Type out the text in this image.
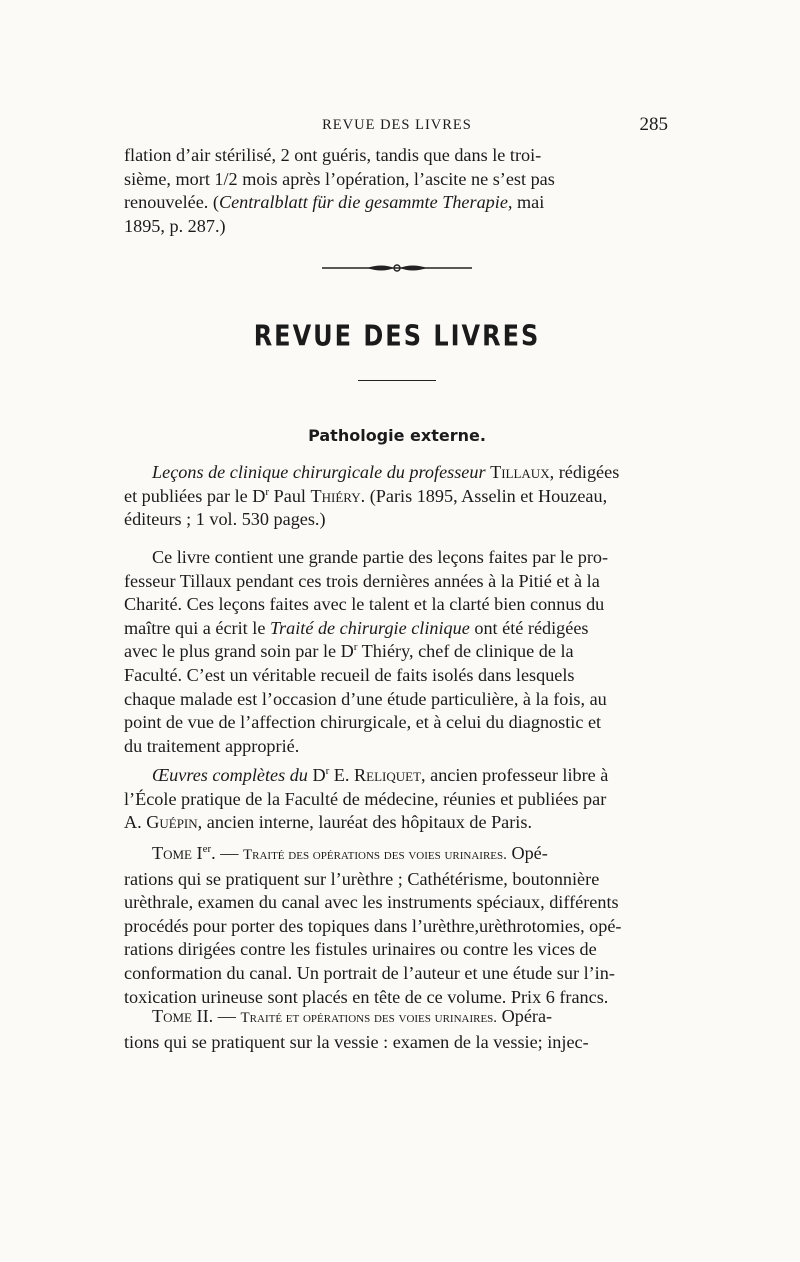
REVUE DES LIVRES	285

flation d’air stérilisé, 2 ont guéris, tandis que dans le troi-

sième, mort 1/2 mois après l’opération, l’ascite ne s’est pas

renouvelée. (Centralblatt für die gesammte Therapie, mai

1895, p. 287.)

REVUE DES LIVRES
Pathologie externe.

Leçons de clinique chirurgicale du professeur Tillaux, rédigées

et publiées par le $D^r$ Paul Thiéry. (Paris 1895, Asselin et Houzeau,

éditeurs ; 1 vol. 530 pages.)

Ce livre contient une grande partie des leçons faites par le pro-

fesseur Tillaux pendant ces trois dernières années à la Pitié et à la

Charité. Ces leçons faites avec le talent et la clarté bien connus du

maître qui a écrit le Traité de chirurgie clinique ont été rédigées

avec le plus grand soin par le $D^r$ Thiéry, chef de clinique de la

Faculté. C’est un véritable recueil de faits isolés dans lesquels

chaque malade est l’occasion d’une étude particulière, à la fois, au

point de vue de l’affection chirurgicale, et à celui du diagnostic et

du traitement approprié.

Œuvres complètes du $D^r$ E. Reliquet, ancien professeur libre à

l’École pratique de la Faculté de médecine, réunies et publiées par

A. Guépin, ancien interne, lauréat des hôpitaux de Paris.

Tome Ier. — Traité des opérations des voies urinaires. Opé-

rations qui se pratiquent sur l’urèthre ; Cathétérisme, boutonnière

urèthrale, examen du canal avec les instruments spéciaux, différents

procédés pour porter des topiques dans l’urèthre,urèthrotomies, opé-

rations dirigées contre les fistules urinaires ou contre les vices de

conformation du canal. Un portrait de l’auteur et une étude sur l’in-

toxication urineuse sont placés en tête de ce volume. Prix 6 francs.

Tome II. — Traité et opérations des voies urinaires. Opéra-

tions qui se pratiquent sur la vessie : examen de la vessie; injec-
